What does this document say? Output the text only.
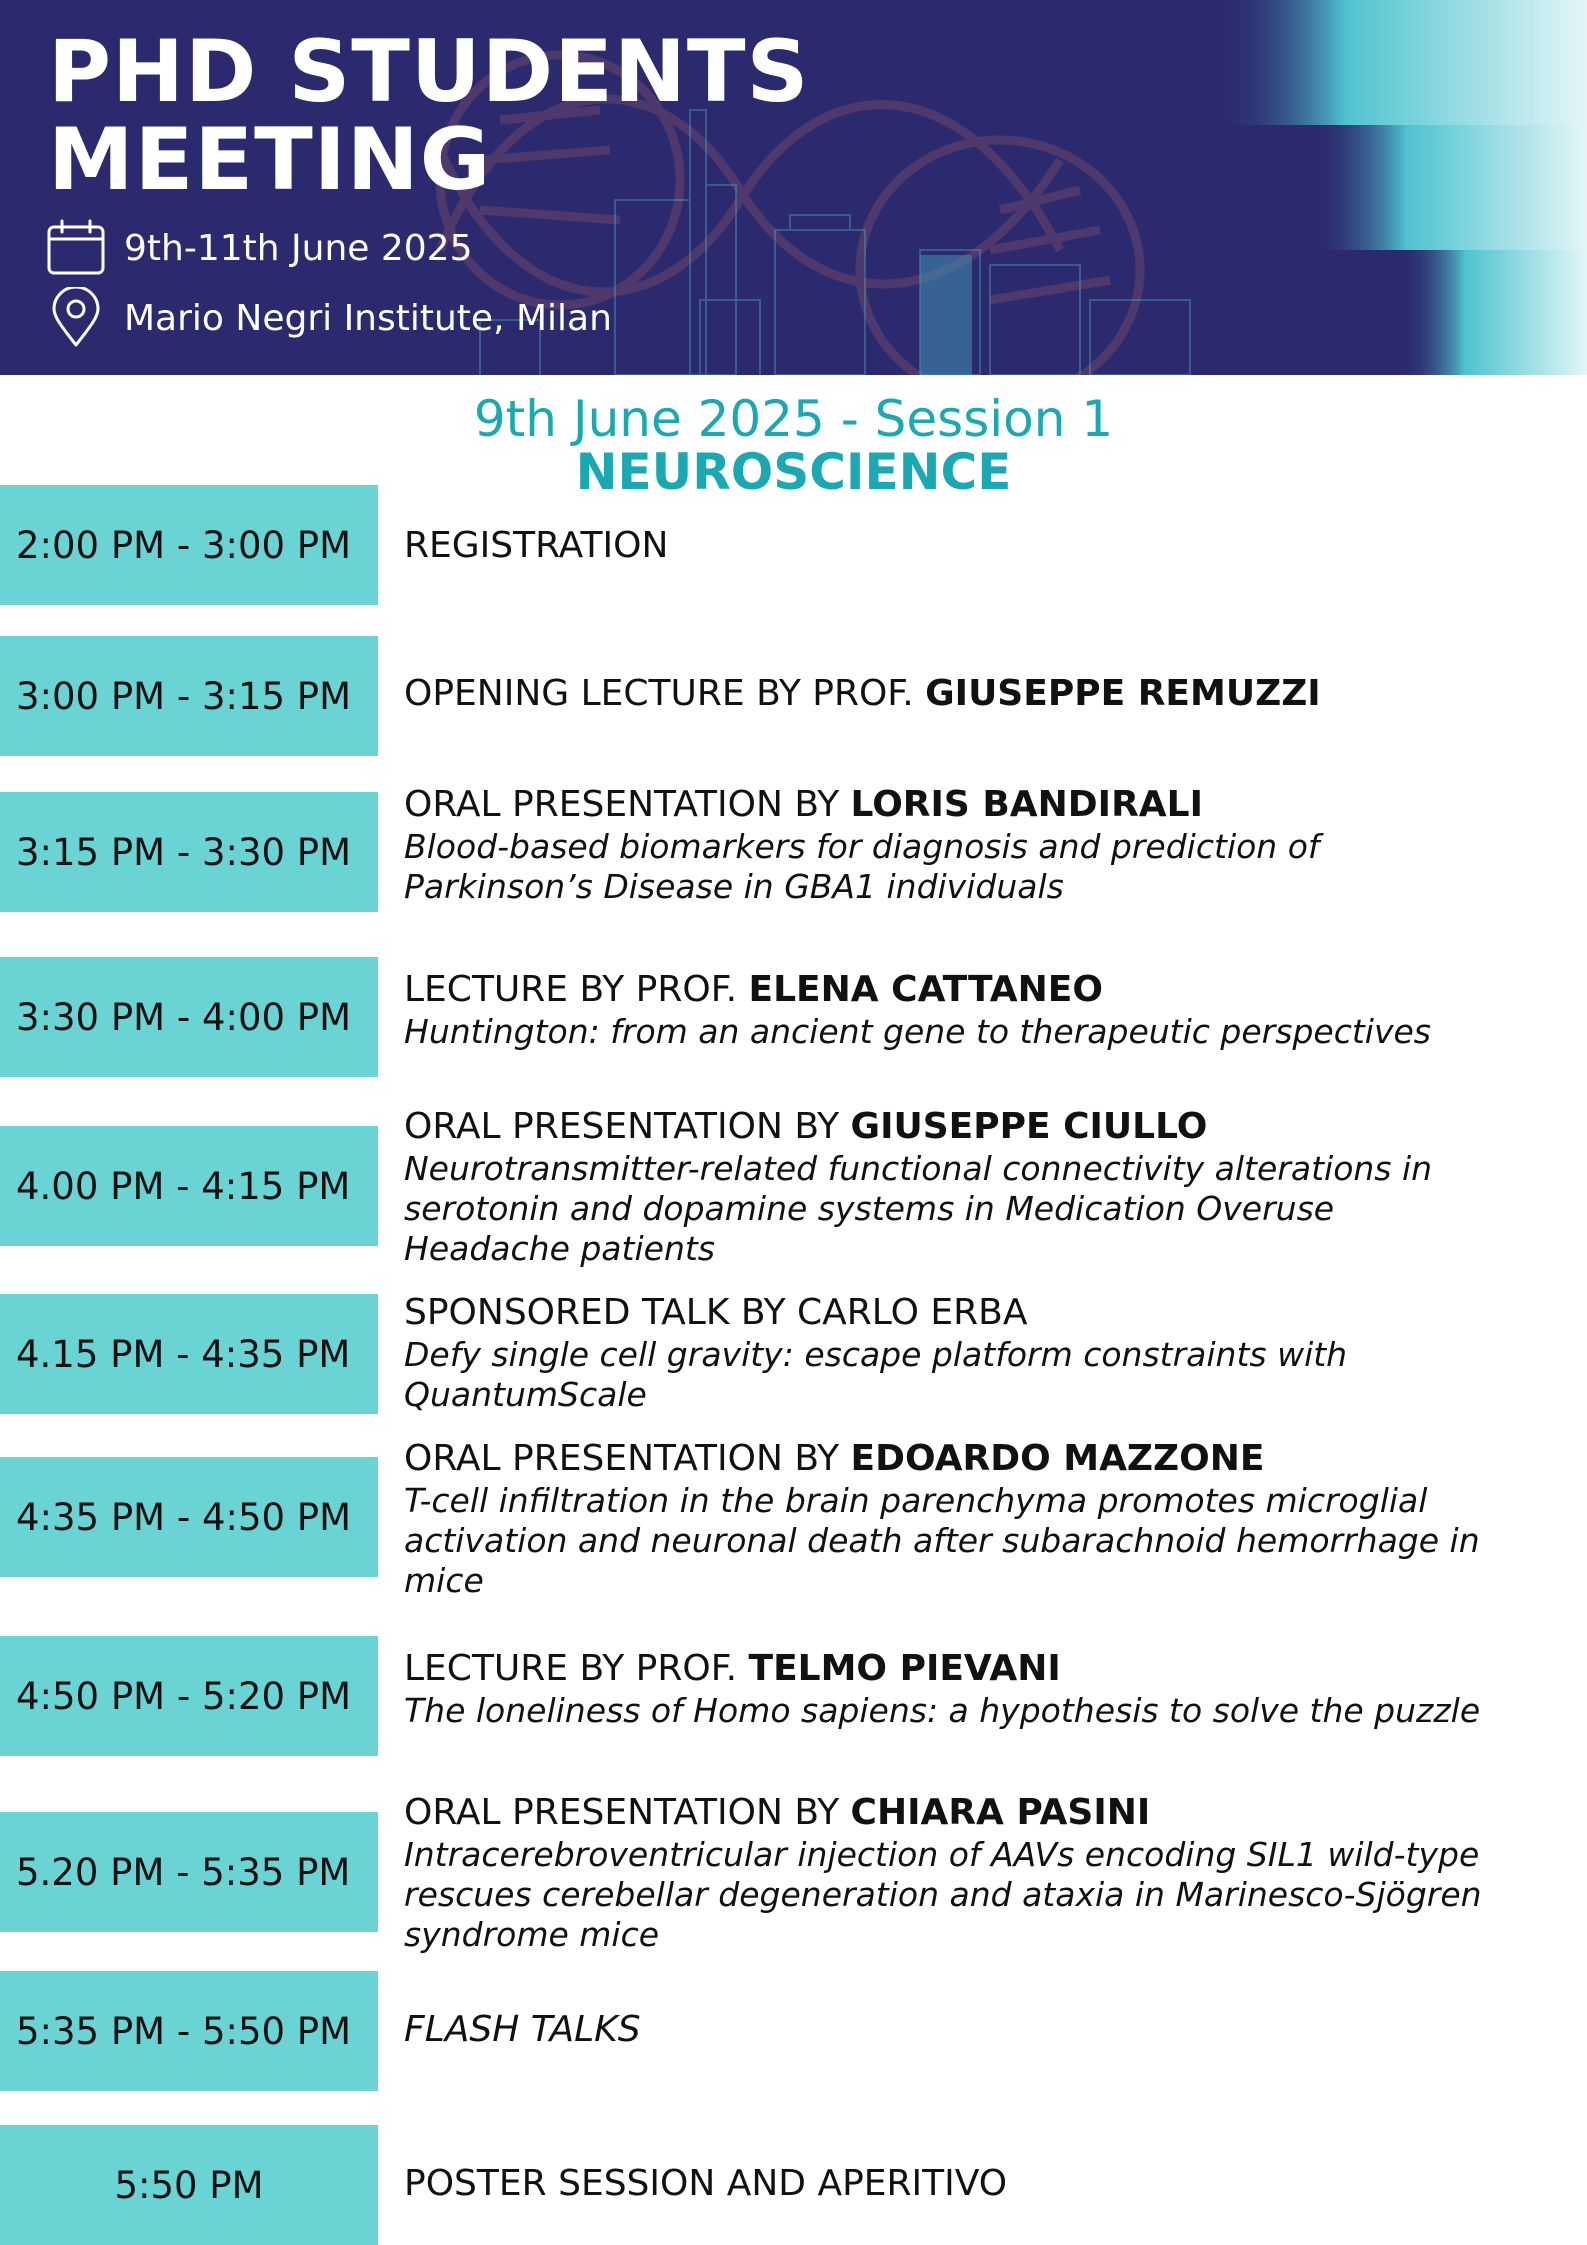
PHD STUDENTS
MEETING
9th-11th June 2025
Mario Negri Institute, Milan

9th June 2025 - Session 1

NEUROSCIENCE

2:00 PM - 3:00 PM REGISTRATION
3:00 PM - 3:15 PM OPENING LECTURE BY PROF. GIUSEPPE REMUZZI
3:15 PM - 3:30 PM
ORAL PRESENTATION BY LORIS BANDIRALI
Blood-based biomarkers for diagnosis and prediction of Parkinson’s Disease in GBA1 individuals
3:30 PM - 4:00 PM
LECTURE BY PROF. ELENA CATTANEO
Huntington: from an ancient gene to therapeutic perspectives
4.00 PM - 4:15 PM
ORAL PRESENTATION BY GIUSEPPE CIULLO
Neurotransmitter-related functional connectivity alterations in serotonin and dopamine systems in Medication Overuse Headache patients
4.15 PM - 4:35 PM
SPONSORED TALK BY CARLO ERBA
Defy single cell gravity: escape platform constraints with QuantumScale
4:35 PM - 4:50 PM
ORAL PRESENTATION BY EDOARDO MAZZONE
T-cell infiltration in the brain parenchyma promotes microglial activation and neuronal death after subarachnoid hemorrhage in mice
4:50 PM - 5:20 PM
LECTURE BY PROF. TELMO PIEVANI
The loneliness of Homo sapiens: a hypothesis to solve the puzzle
5.20 PM - 5:35 PM
ORAL PRESENTATION BY CHIARA PASINI
Intracerebroventricular injection of AAVs encoding SIL1 wild-type rescues cerebellar degeneration and ataxia in Marinesco-Sjögren syndrome mice
5:35 PM - 5:50 PM FLASH TALKS
5:50 PM	POSTER SESSION AND APERITIVO
